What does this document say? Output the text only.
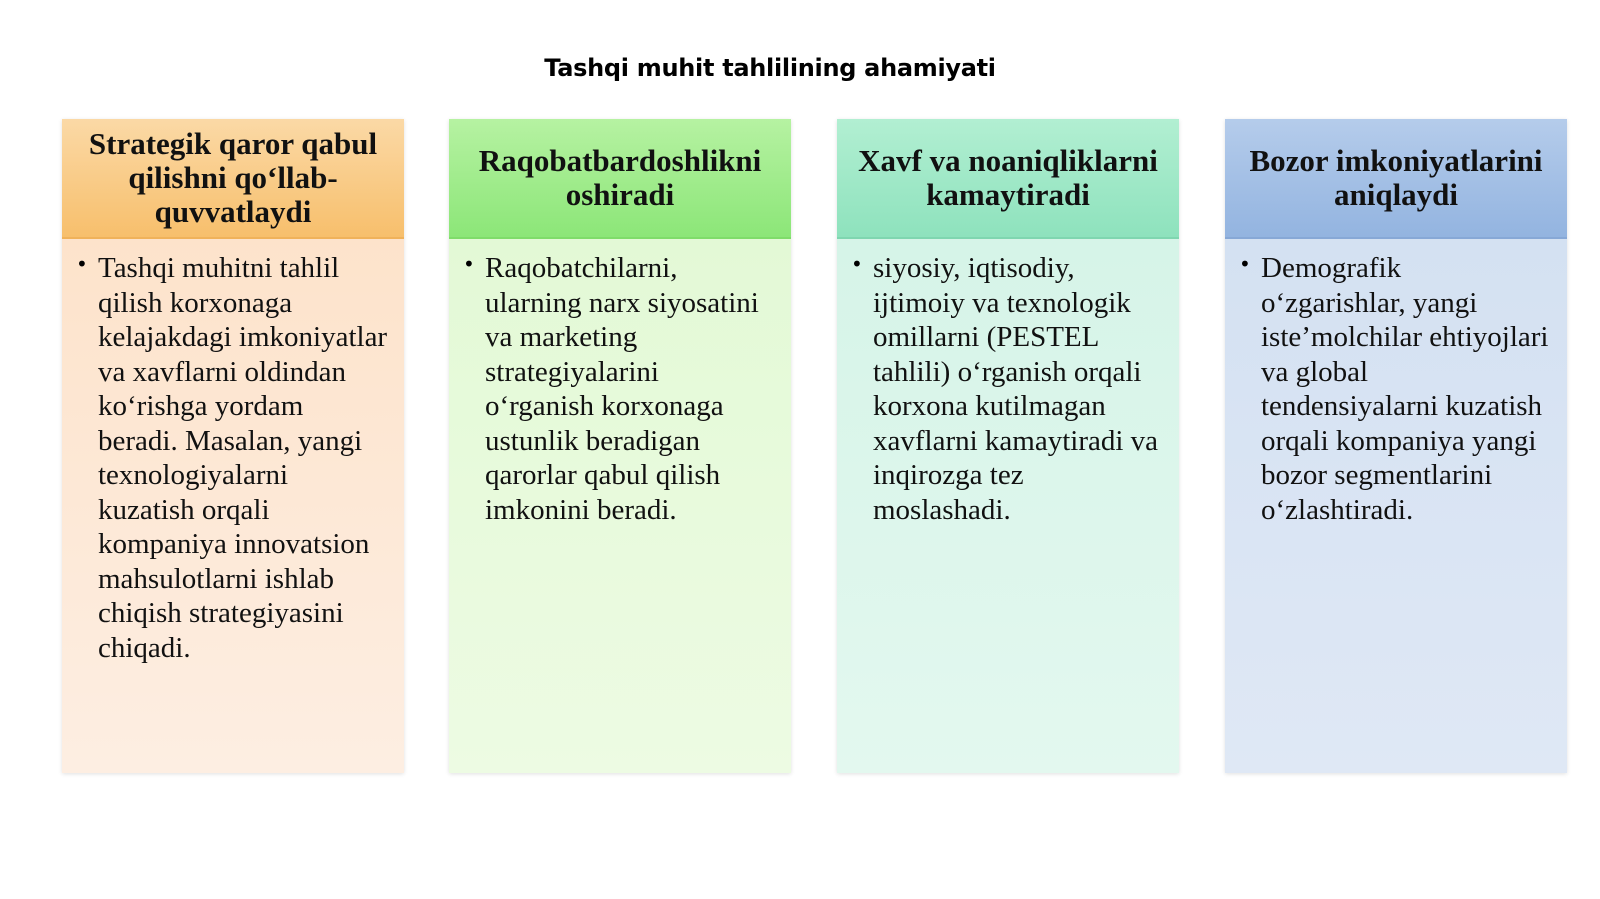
Tashqi muhit tahlilining ahamiyati
Strategik qaror qabul qilishni qo‘llab-quvvatlaydi
• Tashqi muhitni tahlil qilish korxonaga kelajakdagi imkoniyatlar va xavflarni oldindan ko‘rishga yordam beradi. Masalan, yangi texnologiyalarni kuzatish orqali kompaniya innovatsion mahsulotlarni ishlab chiqish strategiyasini chiqadi.
Raqobatbardoshlikni oshiradi
• Raqobatchilarni, ularning narx siyosatini va marketing strategiyalarini o‘rganish korxonaga ustunlik beradigan qarorlar qabul qilish imkonini beradi.
Xavf va noaniqliklarni kamaytiradi
• siyosiy, iqtisodiy, ijtimoiy va texnologik omillarni (PESTEL tahlili) o‘rganish orqali korxona kutilmagan xavflarni kamaytiradi va inqirozga tez moslashadi.
Bozor imkoniyatlarini aniqlaydi
• Demografik o‘zgarishlar, yangi iste’molchilar ehtiyojlari va global tendensiyalarni kuzatish orqali kompaniya yangi bozor segmentlarini o‘zlashtiradi.
